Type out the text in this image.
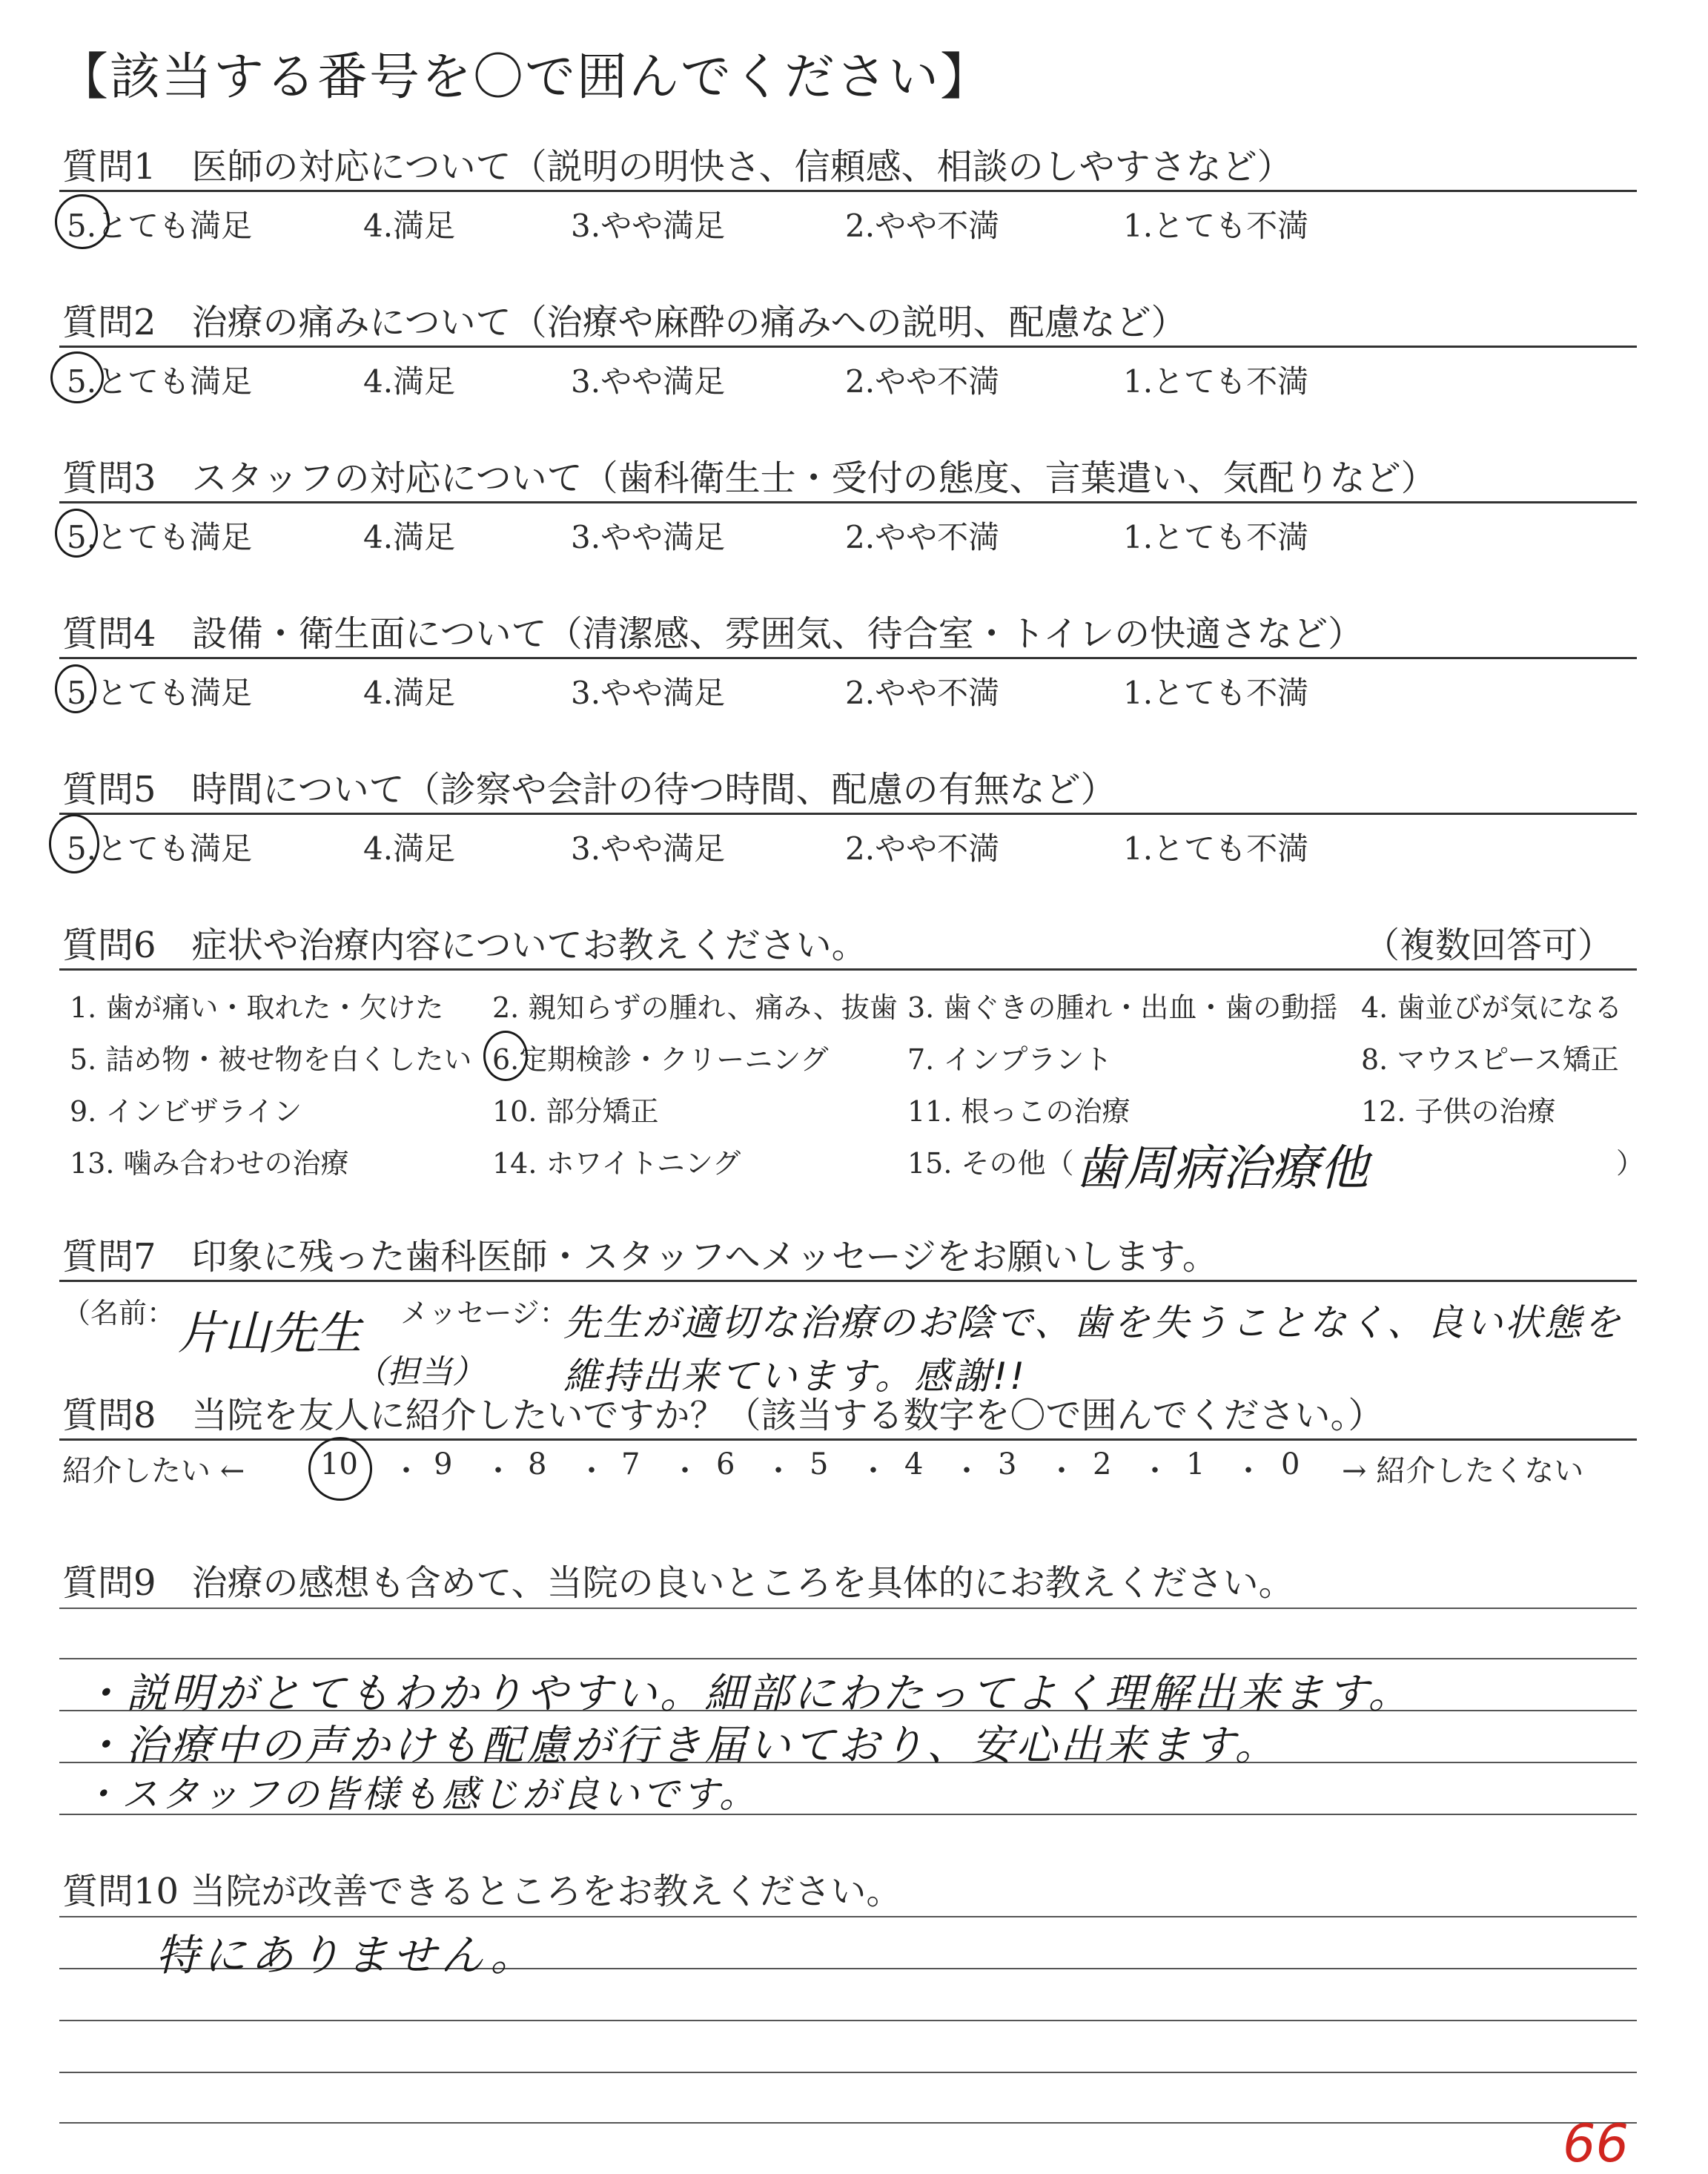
【該当する番号を〇で囲んでください】
質問1　医師の対応について（説明の明快さ、信頼感、相談のしやすさなど）
5.とても満足	4.満足	3.やや満足	2.やや不満	1.とても不満
質問2　治療の痛みについて（治療や麻酔の痛みへの説明、配慮など）
5.とても満足	4.満足	3.やや満足	2.やや不満	1.とても不満
質問3　スタッフの対応について（歯科衛生士・受付の態度、言葉遣い、気配りなど）
5.とても満足	4.満足	3.やや満足	2.やや不満	1.とても不満
質問4　設備・衛生面について（清潔感、雰囲気、待合室・トイレの快適さなど）
5.とても満足	4.満足	3.やや満足	2.やや不満	1.とても不満
質問5　時間について（診察や会計の待つ時間、配慮の有無など）
5.とても満足	4.満足	3.やや満足	2.やや不満	1.とても不満
質問6　症状や治療内容についてお教えください。	（複数回答可）
1. 歯が痛い・取れた・欠けた 2. 親知らずの腫れ、痛み、抜歯 3. 歯ぐきの腫れ・出血・歯の動揺 4. 歯並びが気になる
5. 詰め物・被せ物を白くしたい 6.定期検診・クリーニング	7. インプラント	8. マウスピース矯正
9. インビザライン	10. 部分矯正	11. 根っこの治療	12. 子供の治療
13. 噛み合わせの治療	14. ホワイトニング	15. その他（ 歯周病治療他	）
質問7　印象に残った歯科医師・スタッフへメッセージをお願いします。
（名前： 片山先生
（担当）
メッセージ：
先生が適切な治療のお陰で、歯を失うことなく、良い状態を
維持出来ています。感謝!!
質問8　当院を友人に紹介したいですか？（該当する数字を〇で囲んでください。）
紹介したい ←	10 ・ 9 ・ 8 ・ 7 ・ 6 ・ 5 ・ 4 ・ 3 ・ 2 ・ 1 ・ 0 → 紹介したくない
質問9　治療の感想も含めて、当院の良いところを具体的にお教えください。
・説明がとてもわかりやすい。細部にわたってよく理解出来ます。
・治療中の声かけも配慮が行き届いており、安心出来ます。
・スタッフの皆様も感じが良いです。
質問10 当院が改善できるところをお教えください。
特にありません。
66
